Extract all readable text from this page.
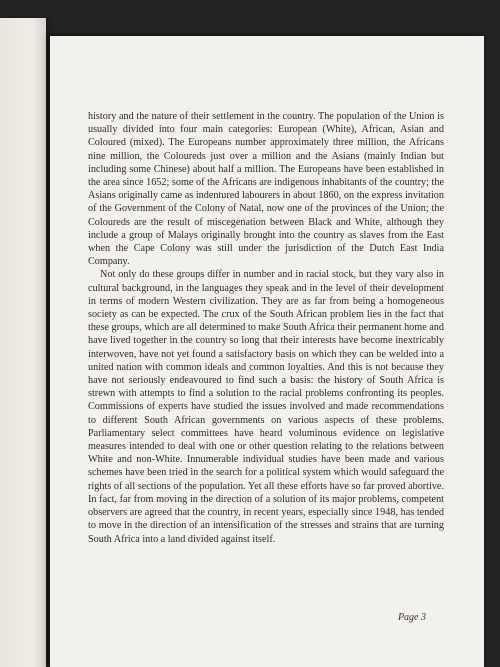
history and the nature of their settlement in the country. The population of the Union is usually divided into four main categories: European (White), African, Asian and Coloured (mixed). The Europeans number approximately three million, the Africans nine million, the Coloureds just over a million and the Asians (mainly Indian but including some Chinese) about half a million. The Europeans have been established in the area since 1652; some of the Africans are indigenous inhabitants of the country; the Asians originally came as indentured labourers in about 1860, on the express invitation of the Government of the Colony of Natal, now one of the provinces of the Union; the Coloureds are the result of miscegenation between Black and White, although they include a group of Malays originally brought into the country as slaves from the East when the Cape Colony was still under the jurisdiction of the Dutch East India Company.

Not only do these groups differ in number and in racial stock, but they vary also in cultural background, in the languages they speak and in the level of their development in terms of modern Western civilization. They are as far from being a homogeneous society as can be expected. The crux of the South African problem lies in the fact that these groups, which are all determined to make South Africa their permanent home and have lived together in the country so long that their interests have become inextricably interwoven, have not yet found a satisfactory basis on which they can be welded into a united nation with common ideals and common loyalties. And this is not because they have not seriously endeavoured to find such a basis: the history of South Africa is strewn with attempts to find a solution to the racial problems confronting its peoples. Commissions of experts have studied the issues involved and made recommendations to different South African governments on various aspects of these problems. Parliamentary select committees have heard voluminous evidence on legislative measures intended to deal with one or other question relating to the relations between White and non-White. Innumerable individual studies have been made and various schemes have been tried in the search for a political system which would safeguard the rights of all sections of the population. Yet all these efforts have so far proved abortive. In fact, far from moving in the direction of a solution of its major problems, competent observers are agreed that the country, in recent years, especially since 1948, has tended to move in the direction of an intensification of the stresses and strains that are turning South Africa into a land divided against itself.

Page 3
